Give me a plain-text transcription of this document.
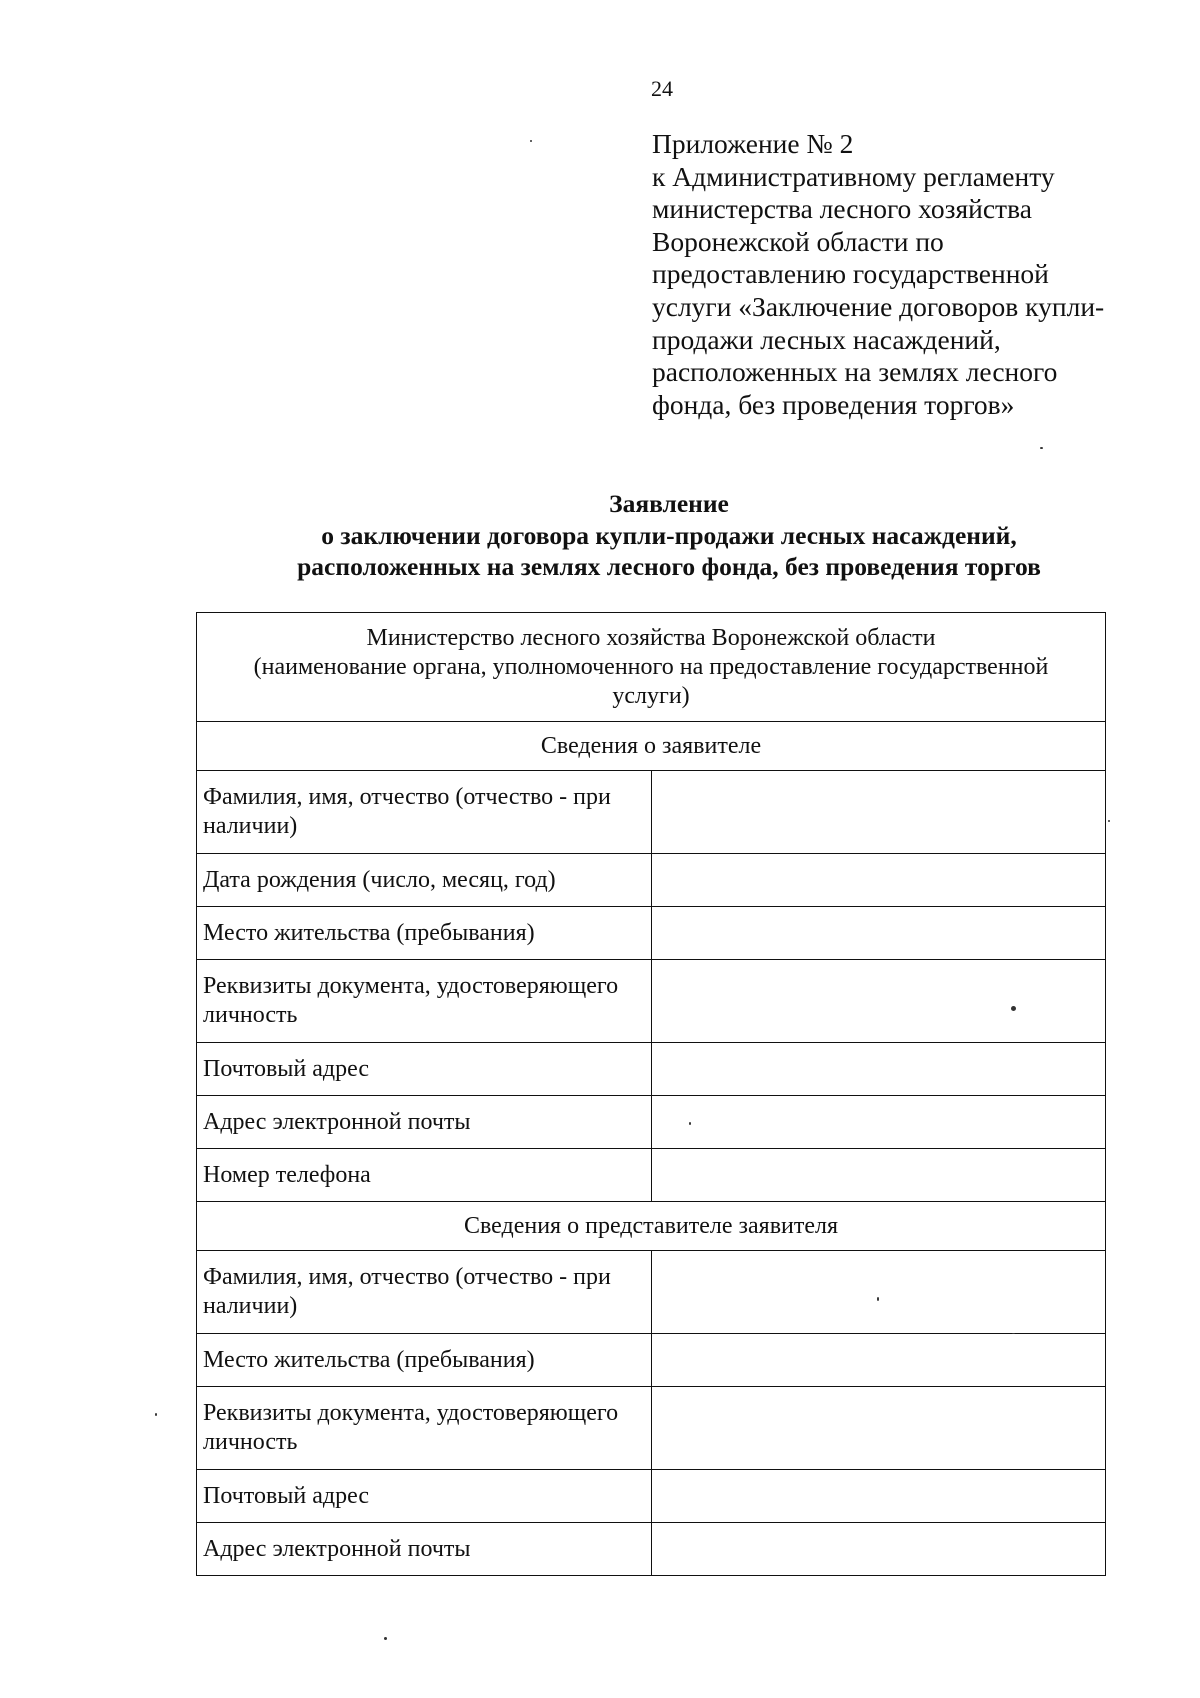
24
Приложение № 2
к Административному регламенту
министерства лесного хозяйства
Воронежской области по
предоставлению государственной
услуги «Заключение договоров купли-
продажи лесных насаждений,
расположенных на землях лесного
фонда, без проведения торгов»
Заявление
о заключении договора купли-продажи лесных насаждений,
расположенных на землях лесного фонда, без проведения торгов
Министерство лесного хозяйства Воронежской области
(наименование органа, уполномоченного на предоставление государственной
услуги)	

Сведения о заявителе	
Фамилия, имя, отчество (отчество - при наличии)	
Дата рождения (число, месяц, год)	
Место жительства (пребывания)	
Реквизиты документа, удостоверяющего личность	
Почтовый адрес	
Адрес электронной почты	
Номер телефона	
Сведения о представителе заявителя	
Фамилия, имя, отчество (отчество - при наличии)	
Место жительства (пребывания)	
Реквизиты документа, удостоверяющего личность	
Почтовый адрес	
Адрес электронной почты	
